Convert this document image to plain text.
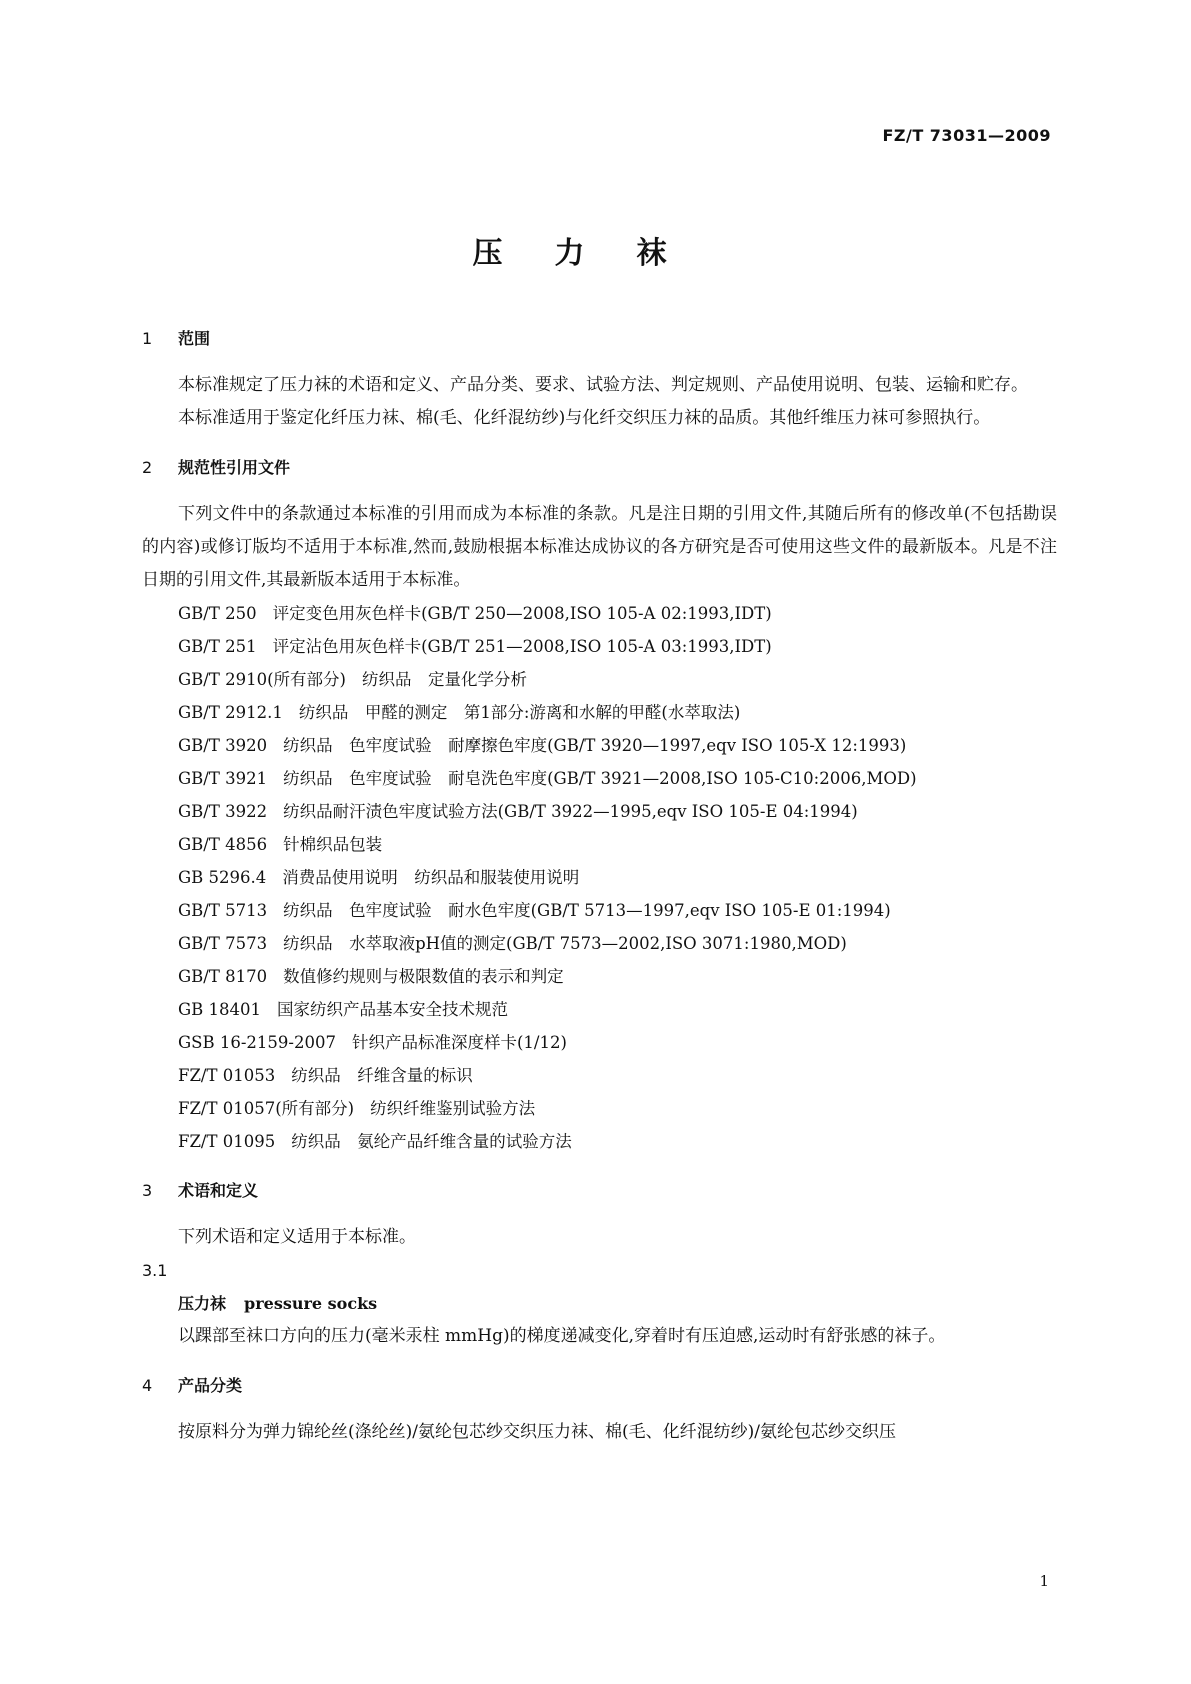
FZ/T 73031—2009
压力袜
1 范围

本标准规定了压力袜的术语和定义、产品分类、要求、试验方法、判定规则、产品使用说明、包装、运输和贮存。

本标准适用于鉴定化纤压力袜、棉(毛、化纤混纺纱)与化纤交织压力袜的品质。其他纤维压力袜可参照执行。

2 规范性引用文件

下列文件中的条款通过本标准的引用而成为本标准的条款。凡是注日期的引用文件,其随后所有的修改单(不包括勘误的内容)或修订版均不适用于本标准,然而,鼓励根据本标准达成协议的各方研究是否可使用这些文件的最新版本。凡是不注日期的引用文件,其最新版本适用于本标准。

GB/T 250 评定变色用灰色样卡(GB/T 250—2008,ISO 105-A 02:1993,IDT)

GB/T 251 评定沾色用灰色样卡(GB/T 251—2008,ISO 105-A 03:1993,IDT)

GB/T 2910(所有部分) 纺织品　定量化学分析

GB/T 2912.1 纺织品　甲醛的测定　第1部分:游离和水解的甲醛(水萃取法)

GB/T 3920 纺织品　色牢度试验　耐摩擦色牢度(GB/T 3920—1997,eqv ISO 105-X 12:1993)

GB/T 3921 纺织品　色牢度试验　耐皂洗色牢度(GB/T 3921—2008,ISO 105-C10:2006,MOD)

GB/T 3922 纺织品耐汗渍色牢度试验方法(GB/T 3922—1995,eqv ISO 105-E 04:1994)

GB/T 4856 针棉织品包装

GB 5296.4 消费品使用说明　纺织品和服装使用说明

GB/T 5713 纺织品　色牢度试验　耐水色牢度(GB/T 5713—1997,eqv ISO 105-E 01:1994)

GB/T 7573 纺织品　水萃取液pH值的测定(GB/T 7573—2002,ISO 3071:1980,MOD)

GB/T 8170 数值修约规则与极限数值的表示和判定

GB 18401 国家纺织产品基本安全技术规范

GSB 16-2159-2007 针织产品标准深度样卡(1/12)

FZ/T 01053 纺织品　纤维含量的标识

FZ/T 01057(所有部分) 纺织纤维鉴别试验方法

FZ/T 01095 纺织品　氨纶产品纤维含量的试验方法

3 术语和定义

下列术语和定义适用于本标准。

3.1

压力袜 pressure socks

以踝部至袜口方向的压力(毫米汞柱 mmHg)的梯度递减变化,穿着时有压迫感,运动时有舒张感的袜子。

4 产品分类

按原料分为弹力锦纶丝(涤纶丝)/氨纶包芯纱交织压力袜、棉(毛、化纤混纺纱)/氨纶包芯纱交织压

1
